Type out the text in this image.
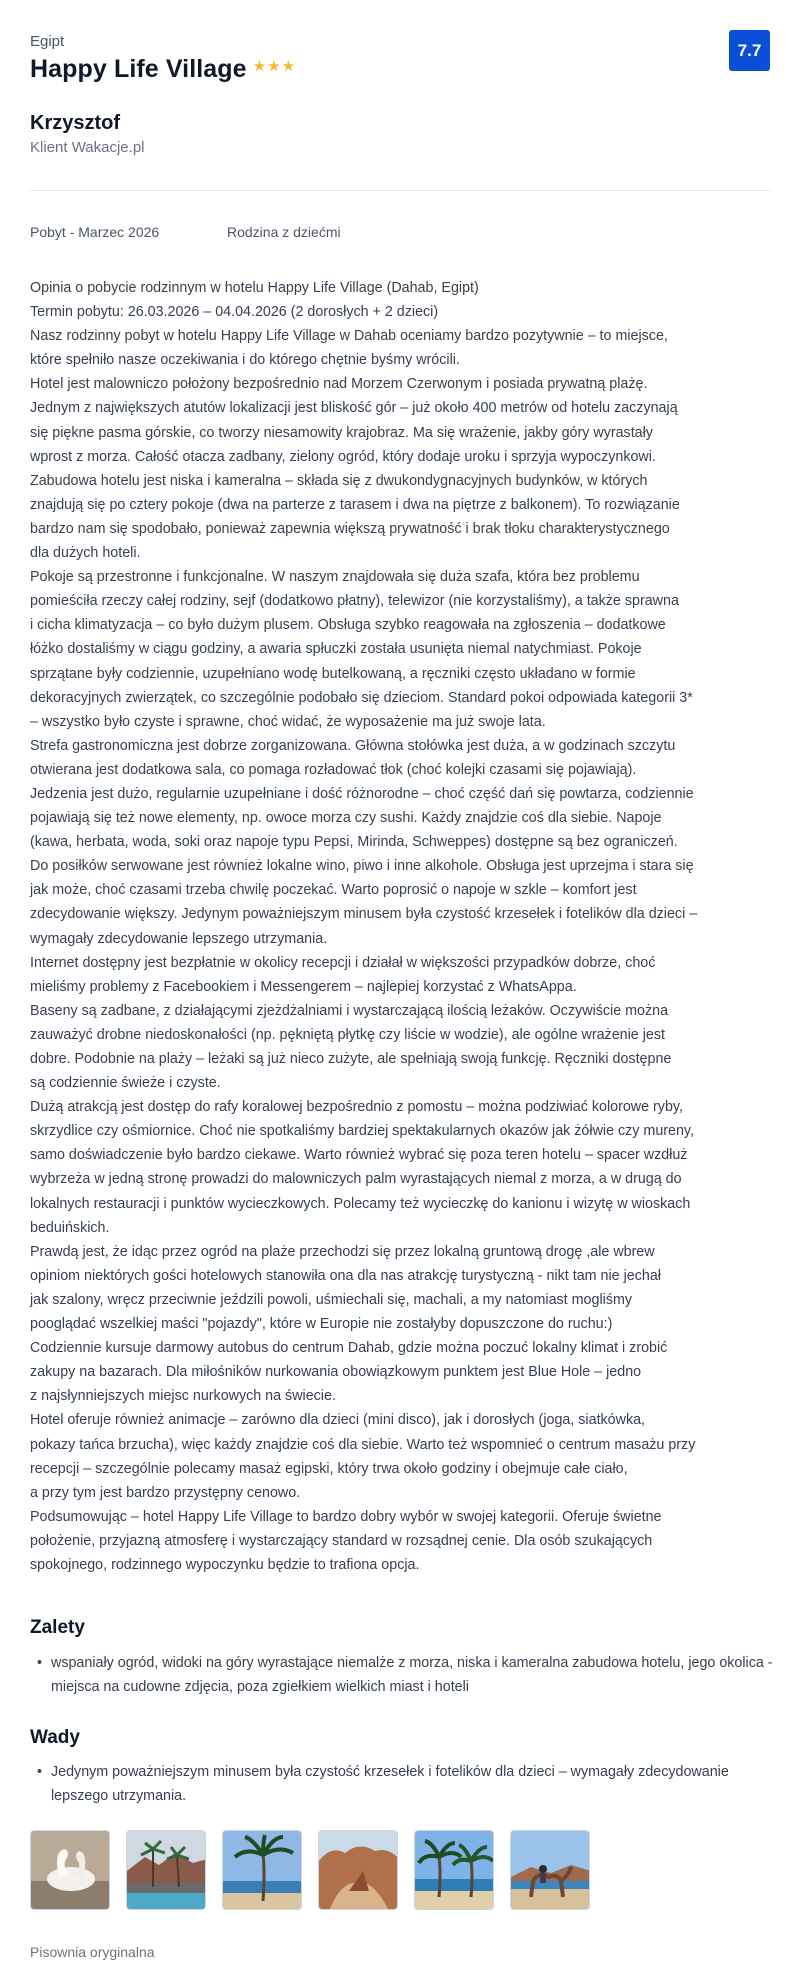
Egipt
Happy Life Village ★★★
7.7
Krzysztof
Klient Wakacje.pl
Pobyt - Marzec 2026	Rodzina z dziećmi

Opinia o pobycie rodzinnym w hotelu Happy Life Village (Dahab, Egipt)

Termin pobytu: 26.03.2026 – 04.04.2026 (2 dorosłych + 2 dzieci)

Nasz rodzinny pobyt w hotelu Happy Life Village w Dahab oceniamy bardzo pozytywnie – to miejsce,

które spełniło nasze oczekiwania i do którego chętnie byśmy wrócili.

Hotel jest malowniczo położony bezpośrednio nad Morzem Czerwonym i posiada prywatną plażę.

Jednym z największych atutów lokalizacji jest bliskość gór – już około 400 metrów od hotelu zaczynają

się piękne pasma górskie, co tworzy niesamowity krajobraz. Ma się wrażenie, jakby góry wyrastały

wprost z morza. Całość otacza zadbany, zielony ogród, który dodaje uroku i sprzyja wypoczynkowi.

Zabudowa hotelu jest niska i kameralna – składa się z dwukondygnacyjnych budynków, w których

znajdują się po cztery pokoje (dwa na parterze z tarasem i dwa na piętrze z balkonem). To rozwiązanie

bardzo nam się spodobało, ponieważ zapewnia większą prywatność i brak tłoku charakterystycznego

dla dużych hoteli.

Pokoje są przestronne i funkcjonalne. W naszym znajdowała się duża szafa, która bez problemu

pomieściła rzeczy całej rodziny, sejf (dodatkowo płatny), telewizor (nie korzystaliśmy), a także sprawna

i cicha klimatyzacja – co było dużym plusem. Obsługa szybko reagowała na zgłoszenia – dodatkowe

łóżko dostaliśmy w ciągu godziny, a awaria spłuczki została usunięta niemal natychmiast. Pokoje

sprzątane były codziennie, uzupełniano wodę butelkowaną, a ręczniki często układano w formie

dekoracyjnych zwierzątek, co szczególnie podobało się dzieciom. Standard pokoi odpowiada kategorii 3*

– wszystko było czyste i sprawne, choć widać, że wyposażenie ma już swoje lata.

Strefa gastronomiczna jest dobrze zorganizowana. Główna stołówka jest duża, a w godzinach szczytu

otwierana jest dodatkowa sala, co pomaga rozładować tłok (choć kolejki czasami się pojawiają).

Jedzenia jest dużo, regularnie uzupełniane i dość różnorodne – choć część dań się powtarza, codziennie

pojawiają się też nowe elementy, np. owoce morza czy sushi. Każdy znajdzie coś dla siebie. Napoje

(kawa, herbata, woda, soki oraz napoje typu Pepsi, Mirinda, Schweppes) dostępne są bez ograniczeń.

Do posiłków serwowane jest również lokalne wino, piwo i inne alkohole. Obsługa jest uprzejma i stara się

jak może, choć czasami trzeba chwilę poczekać. Warto poprosić o napoje w szkle – komfort jest

zdecydowanie większy. Jedynym poważniejszym minusem była czystość krzesełek i fotelików dla dzieci –

wymagały zdecydowanie lepszego utrzymania.

Internet dostępny jest bezpłatnie w okolicy recepcji i działał w większości przypadków dobrze, choć

mieliśmy problemy z Facebookiem i Messengerem – najlepiej korzystać z WhatsAppa.

Baseny są zadbane, z działającymi zjeżdżalniami i wystarczającą ilością leżaków. Oczywiście można

zauważyć drobne niedoskonałości (np. pękniętą płytkę czy liście w wodzie), ale ogólne wrażenie jest

dobre. Podobnie na plaży – leżaki są już nieco zużyte, ale spełniają swoją funkcję. Ręczniki dostępne

są codziennie świeże i czyste.

Dużą atrakcją jest dostęp do rafy koralowej bezpośrednio z pomostu – można podziwiać kolorowe ryby,

skrzydlice czy ośmiornice. Choć nie spotkaliśmy bardziej spektakularnych okazów jak żółwie czy mureny,

samo doświadczenie było bardzo ciekawe. Warto również wybrać się poza teren hotelu – spacer wzdłuż

wybrzeża w jedną stronę prowadzi do malowniczych palm wyrastających niemal z morza, a w drugą do

lokalnych restauracji i punktów wycieczkowych. Polecamy też wycieczkę do kanionu i wizytę w wioskach

beduińskich.

Prawdą jest, że idąc przez ogród na plaże przechodzi się przez lokalną gruntową drogę ,ale wbrew

opiniom niektórych gości hotelowych stanowiła ona dla nas atrakcję turystyczną - nikt tam nie jechał

jak szalony, wręcz przeciwnie jeździli powoli, uśmiechali się, machali, a my natomiast mogliśmy

pooglądać wszelkiej maści "pojazdy", które w Europie nie zostałyby dopuszczone do ruchu:)

Codziennie kursuje darmowy autobus do centrum Dahab, gdzie można poczuć lokalny klimat i zrobić

zakupy na bazarach. Dla miłośników nurkowania obowiązkowym punktem jest Blue Hole – jedno

z najsłynniejszych miejsc nurkowych na świecie.

Hotel oferuje również animacje – zarówno dla dzieci (mini disco), jak i dorosłych (joga, siatkówka,

pokazy tańca brzucha), więc każdy znajdzie coś dla siebie. Warto też wspomnieć o centrum masażu przy

recepcji – szczególnie polecamy masaż egipski, który trwa około godziny i obejmuje całe ciało,

a przy tym jest bardzo przystępny cenowo.

Podsumowując – hotel Happy Life Village to bardzo dobry wybór w swojej kategorii. Oferuje świetne

położenie, przyjazną atmosferę i wystarczający standard w rozsądnej cenie. Dla osób szukających

spokojnego, rodzinnego wypoczynku będzie to trafiona opcja.

Zalety
• wspaniały ogród, widoki na góry wyrastające niemalże z morza, niska i kameralna zabudowa hotelu, jego okolica - miejsca na cudowne zdjęcia, poza zgiełkiem wielkich miast i hoteli
Wady
• Jedynym poważniejszym minusem była czystość krzesełek i fotelików dla dzieci – wymagały zdecydowanie lepszego utrzymania.
Pisownia oryginalna
